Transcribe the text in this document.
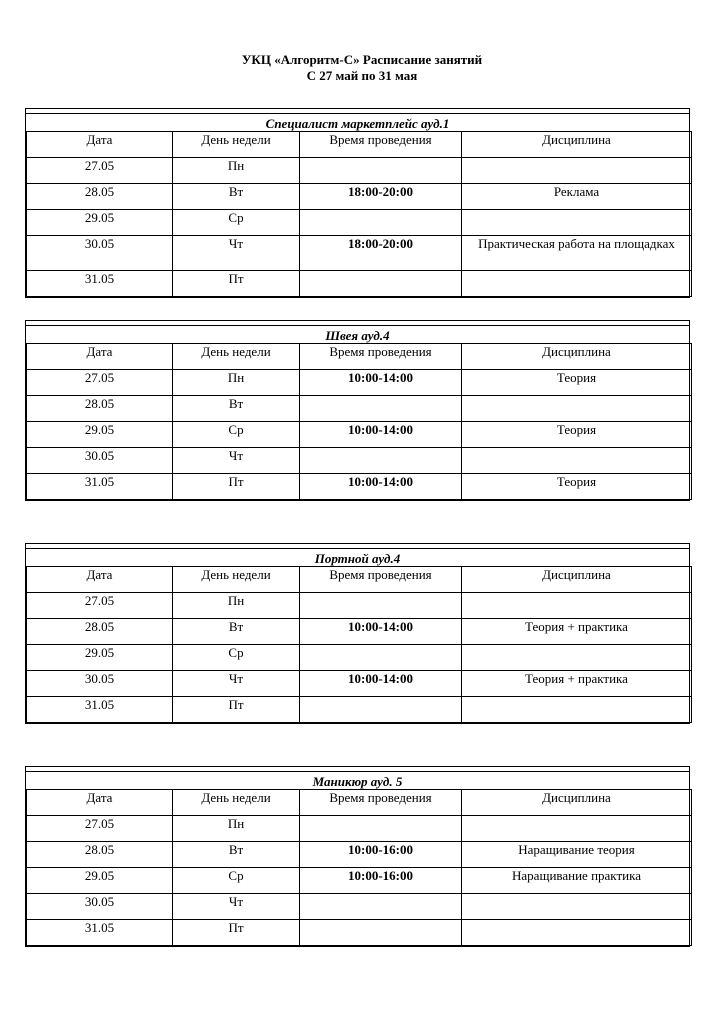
УКЦ «Алгоритм-С» Расписание занятий
С 27 май по 31 мая
Специалист маркетплейс ауд.1
Дата	День недели	Время проведения	Дисциплина
27.05	Пн		
28.05	Вт	18:00-20:00	Реклама
29.05	Ср		
30.05	Чт	18:00-20:00	Практическая работа на площадках
31.05	Пт		
Швея ауд.4
Дата	День недели	Время проведения	Дисциплина
27.05	Пн	10:00-14:00	Теория
28.05	Вт		
29.05	Ср	10:00-14:00	Теория
30.05	Чт		
31.05	Пт	10:00-14:00	Теория
Портной ауд.4
Дата	День недели	Время проведения	Дисциплина
27.05	Пн		
28.05	Вт	10:00-14:00	Теория + практика
29.05	Ср		
30.05	Чт	10:00-14:00	Теория + практика
31.05	Пт		
Маникюр ауд. 5
Дата	День недели	Время проведения	Дисциплина
27.05	Пн		
28.05	Вт	10:00-16:00	Наращивание теория
29.05	Ср	10:00-16:00	Наращивание практика
30.05	Чт		
31.05	Пт		
